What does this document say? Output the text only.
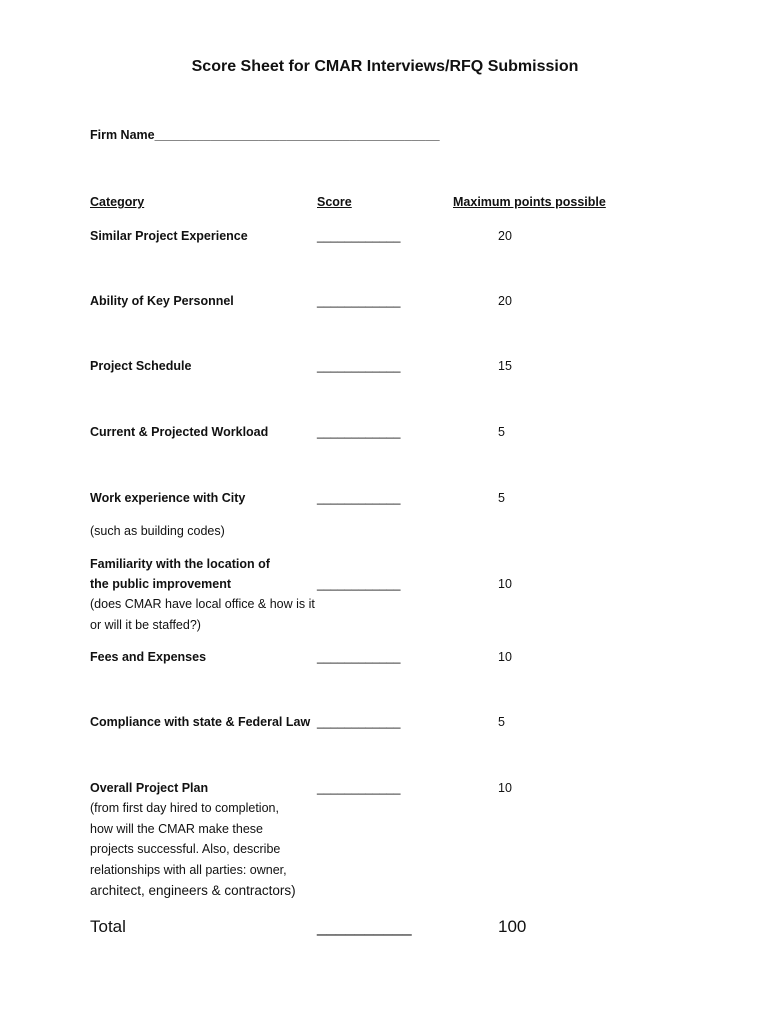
Score Sheet for CMAR Interviews/RFQ Submission
Firm Name_________________________________________
Category	Score	Maximum points possible
Similar Project Experience	____________	20
Ability of Key Personnel	____________	20
Project Schedule	____________	15
Current & Projected Workload	____________	5
Work experience with City
(such as building codes)
____________	5
Familiarity with the location of
the public improvement
(does CMAR have local office & how is it
or will it be staffed?)
____________	10
Fees and Expenses	____________	10
Compliance with state & Federal Law ____________	5
Overall Project Plan
(from first day hired to completion,
how will the CMAR make these
projects successful. Also, describe
relationships with all parties: owner,
architect, engineers & contractors)
____________	10
Total	__________	100
